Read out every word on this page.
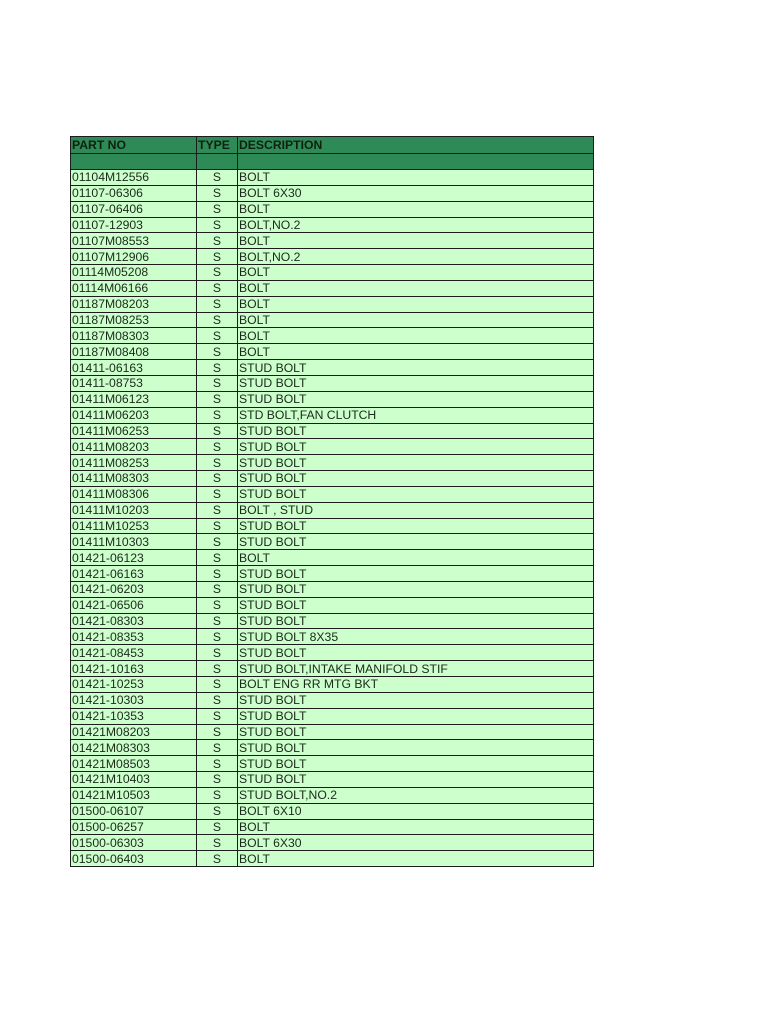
PART NO	TYPE	DESCRIPTION

01104M12556	S	BOLT
01107-06306	S	BOLT 6X30
01107-06406	S	BOLT
01107-12903	S	BOLT,NO.2
01107M08553	S	BOLT
01107M12906	S	BOLT,NO.2
01114M05208	S	BOLT
01114M06166	S	BOLT
01187M08203	S	BOLT
01187M08253	S	BOLT
01187M08303	S	BOLT
01187M08408	S	BOLT
01411-06163	S	STUD BOLT
01411-08753	S	STUD BOLT
01411M06123	S	STUD BOLT
01411M06203	S	STD BOLT,FAN CLUTCH
01411M06253	S	STUD BOLT
01411M08203	S	STUD BOLT
01411M08253	S	STUD BOLT
01411M08303	S	STUD BOLT
01411M08306	S	STUD BOLT
01411M10203	S	BOLT , STUD
01411M10253	S	STUD BOLT
01411M10303	S	STUD BOLT
01421-06123	S	BOLT
01421-06163	S	STUD BOLT
01421-06203	S	STUD BOLT
01421-06506	S	STUD BOLT
01421-08303	S	STUD BOLT
01421-08353	S	STUD BOLT 8X35
01421-08453	S	STUD BOLT
01421-10163	S	STUD BOLT,INTAKE MANIFOLD STIF
01421-10253	S	BOLT ENG RR MTG BKT
01421-10303	S	STUD BOLT
01421-10353	S	STUD BOLT
01421M08203	S	STUD BOLT
01421M08303	S	STUD BOLT
01421M08503	S	STUD BOLT
01421M10403	S	STUD BOLT
01421M10503	S	STUD BOLT,NO.2
01500-06107	S	BOLT 6X10
01500-06257	S	BOLT
01500-06303	S	BOLT 6X30
01500-06403	S	BOLT
